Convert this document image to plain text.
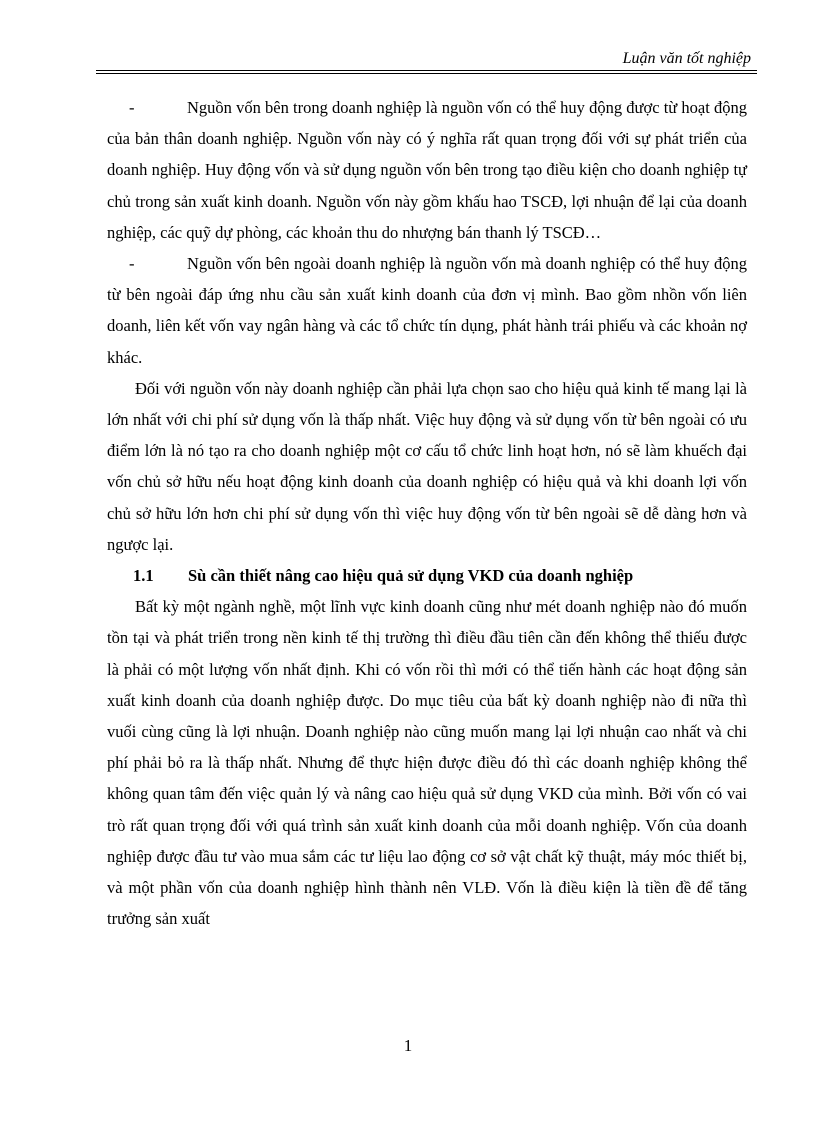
Luận văn tốt nghiệp

-	Nguồn vốn bên trong doanh nghiệp là nguồn vốn có thể huy động được từ hoạt động của bản thân doanh nghiệp. Nguồn vốn này có ý nghĩa rất quan trọng đối với sự phát triển của doanh nghiệp. Huy động vốn và sử dụng nguồn vốn bên trong tạo điều kiện cho doanh nghiệp tự chủ trong sản xuất kinh doanh. Nguồn vốn này gồm khấu hao TSCĐ, lợi nhuận để lại của doanh nghiệp, các quỹ dự phòng, các khoản thu do nhượng bán thanh lý TSCĐ…

-	Nguồn vốn bên ngoài doanh nghiệp là nguồn vốn mà doanh nghiệp có thể huy động từ bên ngoài đáp ứng nhu cầu sản xuất kinh doanh của đơn vị mình. Bao gồm nhồn vốn liên doanh, liên kết vốn vay ngân hàng và các tổ chức tín dụng, phát hành trái phiếu và các khoản nợ khác.

Đối với nguồn vốn này doanh nghiệp cần phải lựa chọn sao cho hiệu quả kinh tế mang lại là lớn nhất với chi phí sử dụng vốn là thấp nhất. Việc huy động và sử dụng vốn từ bên ngoài có ưu điểm lớn là nó tạo ra cho doanh nghiệp một cơ cấu tổ chức linh hoạt hơn, nó sẽ làm khuếch đại vốn chủ sở hữu nếu hoạt động kinh doanh của doanh nghiệp có hiệu quả và khi doanh lợi vốn chủ sở hữu lớn hơn chi phí sử dụng vốn thì việc huy động vốn từ bên ngoài sẽ dễ dàng hơn và ngược lại.

1.1 Sù cần thiết nâng cao hiệu quả sử dụng VKD của doanh nghiệp

Bất kỳ một ngành nghề, một lĩnh vực kinh doanh cũng như mét doanh nghiệp nào đó muốn tồn tại và phát triển trong nền kinh tế thị trường thì điều đầu tiên cần đến không thể thiếu được là phải có một lượng vốn nhất định. Khi có vốn rồi thì mới có thể tiến hành các hoạt động sản xuất kinh doanh của doanh nghiệp được. Do mục tiêu của bất kỳ doanh nghiệp nào đi nữa thì vuối cùng cũng là lợi nhuận. Doanh nghiệp nào cũng muốn mang lại lợi nhuận cao nhất và chi phí phải bỏ ra là thấp nhất. Nhưng để thực hiện được điều đó thì các doanh nghiệp không thể không quan tâm đến việc quản lý và nâng cao hiệu quả sử dụng VKD của mình. Bởi vốn có vai trò rất quan trọng đối với quá trình sản xuất kinh doanh của mỗi doanh nghiệp. Vốn của doanh nghiệp được đầu tư vào mua sắm các tư liệu lao động cơ sở vật chất kỹ thuật, máy móc thiết bị, và một phần vốn của doanh nghiệp hình thành nên VLĐ. Vốn là điều kiện là tiền đề để tăng trưởng sản xuất

1
